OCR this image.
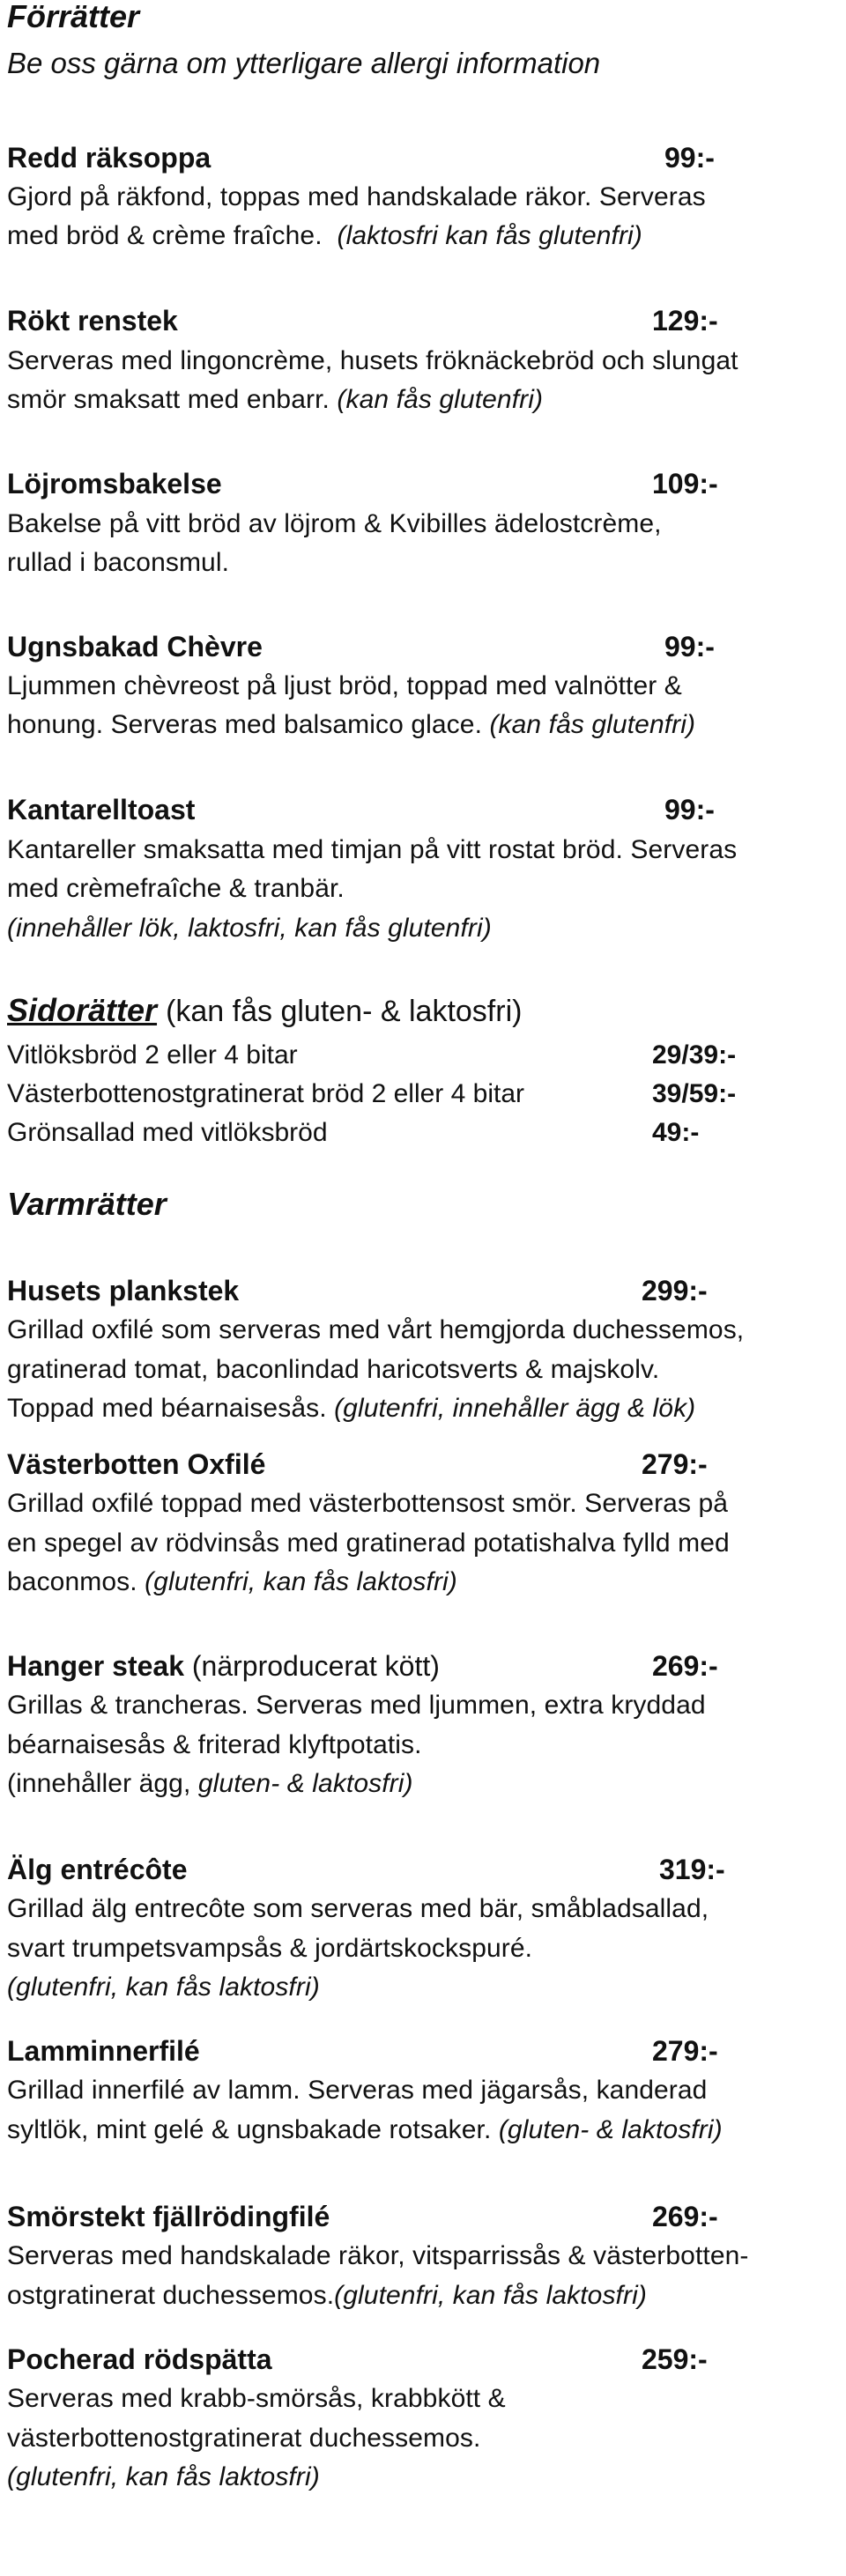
Förrätter
Be oss gärna om ytterligare allergi information
Redd räksoppa	99:-
Gjord på räkfond, toppas med handskalade räkor. Serveras
med bröd & crème fraîche. (laktosfri kan fås glutenfri)
Rökt renstek	129:-
Serveras med lingoncrème, husets fröknäckebröd och slungat
smör smaksatt med enbarr. (kan fås glutenfri)
Löjromsbakelse	109:-
Bakelse på vitt bröd av löjrom & Kvibilles ädelostcrème,
rullad i baconsmul.
Ugnsbakad Chèvre	99:-
Ljummen chèvreost på ljust bröd, toppad med valnötter &
honung. Serveras med balsamico glace. (kan fås glutenfri)
Kantarelltoast	99:-
Kantareller smaksatta med timjan på vitt rostat bröd. Serveras
med crèmefraîche & tranbär.
(innehåller lök, laktosfri, kan fås glutenfri)
Sidorätter (kan fås gluten- & laktosfri)
Vitlöksbröd 2 eller 4 bitar	29/39:-
Västerbottenostgratinerat bröd 2 eller 4 bitar	39/59:-
Grönsallad med vitlöksbröd	49:-
Varmrätter
Husets plankstek	299:-
Grillad oxfilé som serveras med vårt hemgjorda duchessemos,
gratinerad tomat, baconlindad haricotsverts & majskolv.
Toppad med béarnaisesås. (glutenfri, innehåller ägg & lök)
Västerbotten Oxfilé	279:-
Grillad oxfilé toppad med västerbottensost smör. Serveras på
en spegel av rödvinsås med gratinerad potatishalva fylld med
baconmos. (glutenfri, kan fås laktosfri)
Hanger steak (närproducerat kött)	269:-
Grillas & trancheras. Serveras med ljummen, extra kryddad
béarnaisesås & friterad klyftpotatis.
(innehåller ägg, gluten- & laktosfri)
Älg entrécôte	319:-
Grillad älg entrecôte som serveras med bär, småbladsallad,
svart trumpetsvampsås & jordärtskockspuré.
(glutenfri, kan fås laktosfri)
Lamminnerfilé	279:-
Grillad innerfilé av lamm. Serveras med jägarsås, kanderad
syltlök, mint gelé & ugnsbakade rotsaker. (gluten- & laktosfri)
Smörstekt fjällrödingfilé	269:-
Serveras med handskalade räkor, vitsparrissås & västerbotten-
ostgratinerat duchessemos.(glutenfri, kan fås laktosfri)
Pocherad rödspätta	259:-
Serveras med krabb-smörsås, krabbkött &
västerbottenostgratinerat duchessemos.
(glutenfri, kan fås laktosfri)
